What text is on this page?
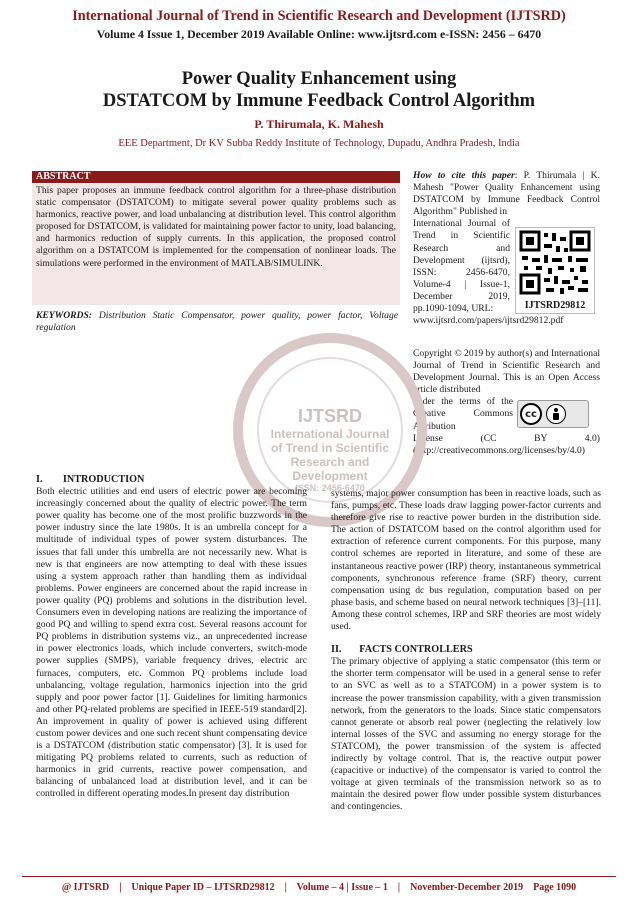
International Journal of Trend in Scientific Research and Development (IJTSRD)
Volume 4 Issue 1, December 2019 Available Online: www.ijtsrd.com e-ISSN: 2456 – 6470
Power Quality Enhancement using
DSTATCOM by Immune Feedback Control Algorithm
P. Thirumala, K. Mahesh
EEE Department, Dr KV Subba Reddy Institute of Technology, Dupadu, Andhra Pradesh, India
ABSTRACT
This paper proposes an immune feedback control algorithm for a three-phase distribution static compensator (DSTATCOM) to mitigate several power quality problems such as harmonics, reactive power, and load unbalancing at distribution level. This control algorithm proposed for DSTATCOM, is validated for maintaining power factor to unity, load balancing, and harmonics reduction of supply currents. In this application, the proposed control algorithm on a DSTATCOM is implemented for the compensation of nonlinear loads. The simulations were performed in the environment of MATLAB/SIMULINK.
KEYWORDS: Distribution Static Compensator, power quality, power factor, Voltage regulation

How to cite this paper: P. Thirumala | K. Mahesh "Power Quality Enhancement using DSTATCOM by Immune Feedback Control Algorithm" Published in

International Journal of Trend in Scientific Research and Development (ijtsrd), ISSN: 2456-6470, Volume-4 | Issue-1, December 2019, pp.1090-1094, URL:

www.ijtsrd.com/papers/ijtsrd29812.pdf

IJTSRD29812

Copyright © 2019 by author(s) and International Journal of Trend in Scientific Research and Development Journal. This is an Open Access article distributed

under the terms of the Creative Commons Attribution

License (CC BY 4.0) (http://creativecommons.org/licenses/by/4.0)

cc
IJTSRD
International Journal
of Trend in Scientific
Research and
Development
ISSN: 2456-6470
I.        INTRODUCTION

Both electric utilities and end users of electric power are becoming increasingly concerned about the quality of electric power. The term power quality has become one of the most prolific buzzwords in the power industry since the late 1980s. It is an umbrella concept for a multitude of individual types of power system disturbances. The issues that fall under this umbrella are not necessarily new. What is new is that engineers are now attempting to deal with these issues using a system approach rather than handling them as individual problems. Power engineers are concerned about the rapid increase in power quality (PQ) problems and solutions in the distribution level. Consumers even in developing nations are realizing the importance of good PQ and willing to spend extra cost. Several reasons account for PQ problems in distribution systems viz., an unprecedented increase in power electronics loads, which include converters, switch-mode power supplies (SMPS), variable frequency drives, electric arc furnaces, computers, etc. Common PQ problems include load unbalancing, voltage regulation, harmonics injection into the grid supply and poor power factor [1]. Guidelines for limiting harmonics and other PQ-related problems are specified in IEEE-519 standard[2]. An improvement in quality of power is achieved using different custom power devices and one such recent shunt compensating device is a DSTATCOM (distribution static compensator) [3]. It is used for mitigating PQ problems related to currents, such as reduction of harmonics in grid currents, reactive power compensation, and balancing of unbalanced load at distribution level, and it can be controlled in different operating modes.In present day distribution

systems, major power consumption has been in reactive loads, such as fans, pumps, etc. These loads draw lagging power-factor currents and therefore give rise to reactive power burden in the distribution side. The action of DSTATCOM based on the control algorithm used for extraction of reference current components. For this purpose, many control schemes are reported in literature, and some of these are instantaneous reactive power (IRP) theory, instantaneous symmetrical components, synchronous reference frame (SRF) theory, current compensation using dc bus regulation, computation based on per phase basis, and scheme based on neural network techniques [3]–[11]. Among these control schemes, IRP and SRF theories are most widely used.

II.       FACTS CONTROLLERS

The primary objective of applying a static compensator (this term or the shorter term compensator will be used in a general sense to refer to an SVC as well as to a STATCOM) in a power system is to increase the power transmission capability, with a given transmission network, from the generators to the loads. Since static compensators cannot generate or absorb real power (neglecting the relatively low internal losses of the SVC and assuming no energy storage for the STATCOM), the power transmission of the system is affected indirectly by voltage control. That is, the reactive output power (capacitive or inductive) of the compensator is varied to control the voltage at given terminals of the transmission network so as to maintain the desired power flow under possible system disturbances and contingencies.

@ IJTSRD    |    Unique Paper ID – IJTSRD29812    |    Volume – 4 | Issue – 1    |    November-December 2019    Page 1090
